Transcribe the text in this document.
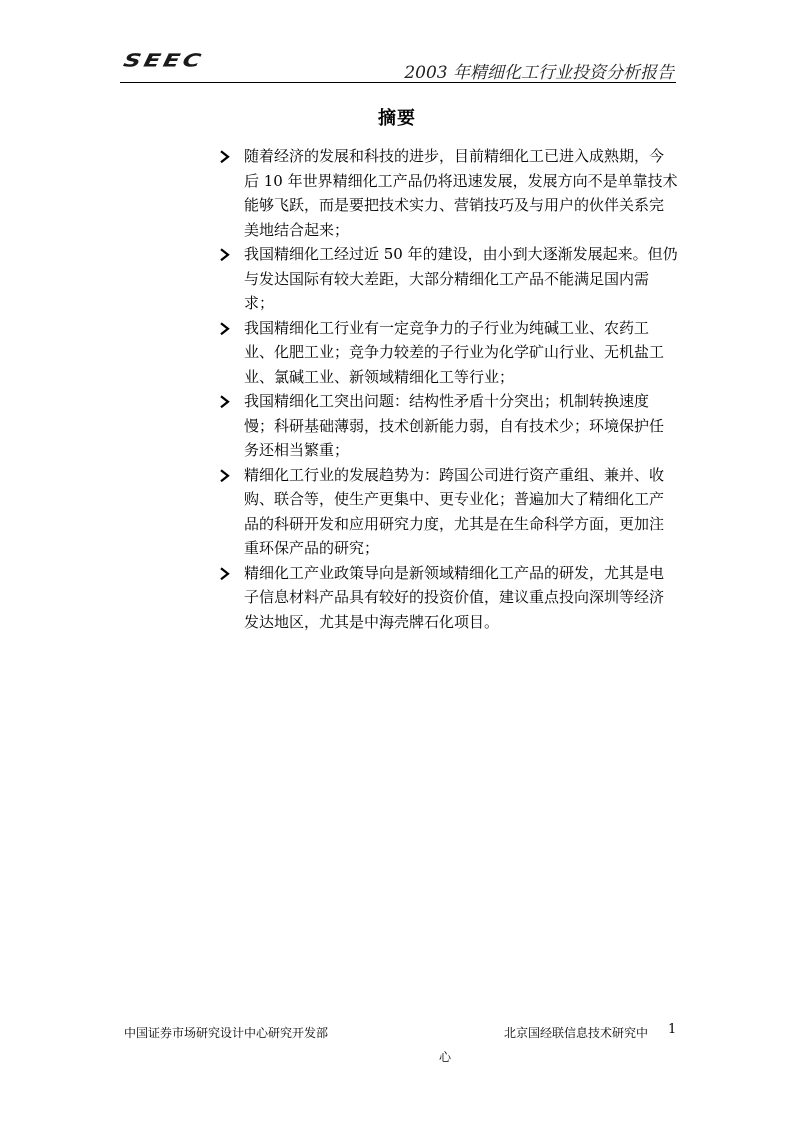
SEEC
2003 年精细化工行业投资分析报告
摘要
随着经济的发展和科技的进步，目前精细化工已进入成熟期，今后 10 年世界精细化工产品仍将迅速发展，发展方向不是单靠技术能够飞跃，而是要把技术实力、营销技巧及与用户的伙伴关系完美地结合起来；
我国精细化工经过近 50 年的建设，由小到大逐渐发展起来。但仍与发达国际有较大差距，大部分精细化工产品不能满足国内需求；
我国精细化工行业有一定竞争力的子行业为纯碱工业、农药工业、化肥工业；竞争力较差的子行业为化学矿山行业、无机盐工业、氯碱工业、新领域精细化工等行业；
我国精细化工突出问题：结构性矛盾十分突出；机制转换速度慢；科研基础薄弱，技术创新能力弱，自有技术少；环境保护任务还相当繁重；
精细化工行业的发展趋势为：跨国公司进行资产重组、兼并、收购、联合等，使生产更集中、更专业化；普遍加大了精细化工产品的科研开发和应用研究力度，尤其是在生命科学方面，更加注重环保产品的研究；
精细化工产业政策导向是新领域精细化工产品的研发，尤其是电子信息材料产品具有较好的投资价值，建议重点投向深圳等经济发达地区，尤其是中海壳牌石化项目。
中国证券市场研究设计中心研究开发部	北京国经联信息技术研究中
心
1
